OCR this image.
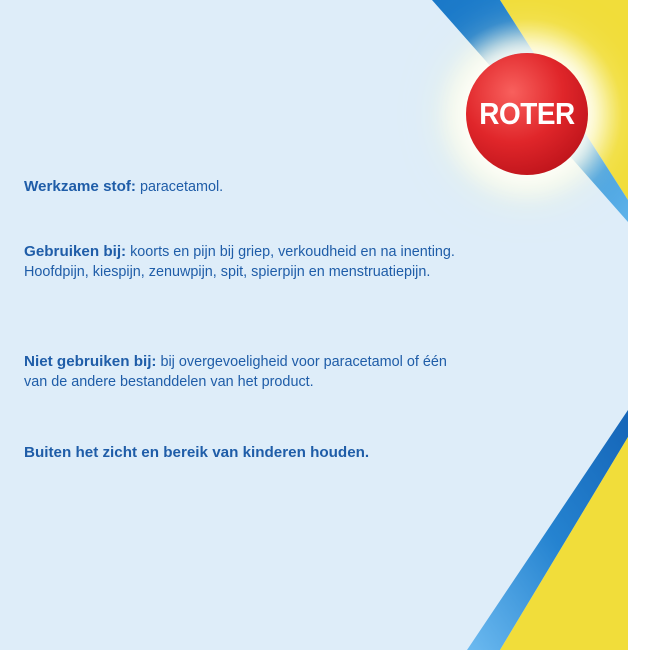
ROTER

Werkzame stof: paracetamol.

Gebruiken bij: koorts en pijn bij griep, verkoudheid en na inenting. Hoofdpijn, kiespijn, zenuwpijn, spit, spierpijn en menstruatiepijn.

Niet gebruiken bij: bij overgevoeligheid voor paracetamol of één van de andere bestanddelen van het product.

Buiten het zicht en bereik van kinderen houden.
